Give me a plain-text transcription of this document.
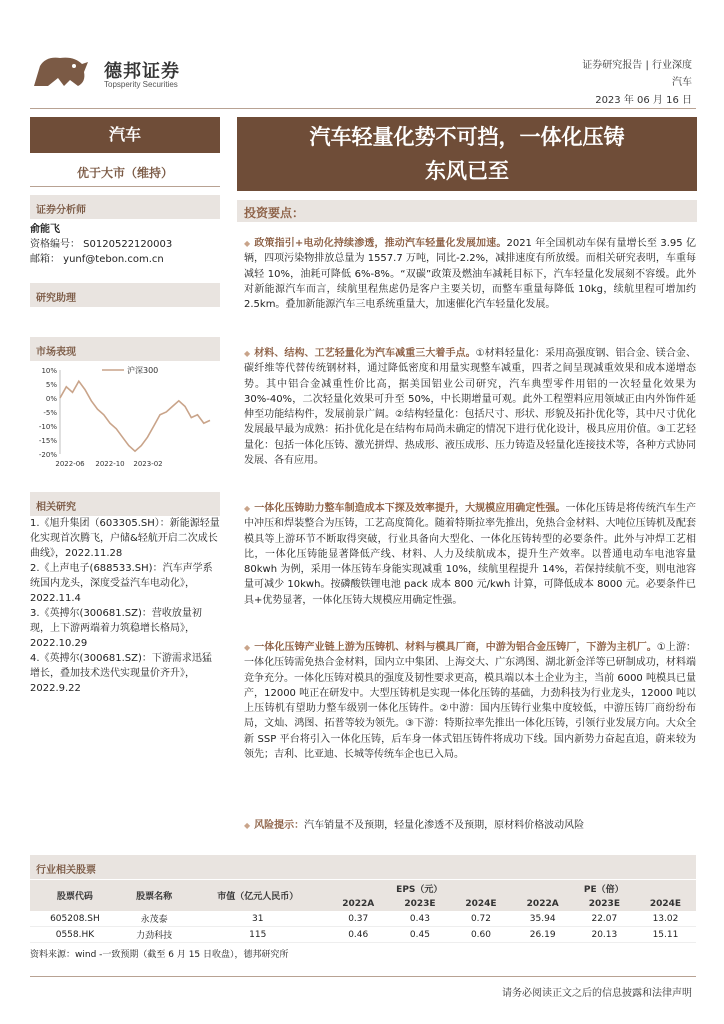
德邦证券
Topsperity Securities
证券研究报告 | 行业深度
汽车
2023 年 06 月 16 日
汽车
优于大市（维持）
证券分析师
俞能飞
资格编号： S0120522120003
邮箱： yunf@tebon.com.cn
研究助理
市场表现
10%
5%
0%
-5%
-10%
-15%
-20%
2022-06 2022-10 2023-02
沪深300
相关研究
1.《旭升集团（603305.SH）：新能源轻量化实现首次腾飞，户储&轻航开启二次成长曲线》，2022.11.28
2.《上声电子(688533.SH)：汽车声学系统国内龙头，深度受益汽车电动化》，2022.11.4
3.《英搏尔(300681.SZ)：营收放量初现，上下游两端着力筑稳增长格局》，2022.10.29
4.《英搏尔(300681.SZ)：下游需求迅猛增长，叠加技术迭代实现量价齐升》，2022.9.22
汽车轻量化势不可挡，一体化压铸
东风已至
投资要点：
◆ 政策指引+电动化持续渗透，推动汽车轻量化发展加速。2021 年全国机动车保有量增长至 3.95 亿辆，四项污染物排放总量为 1557.7 万吨，同比-2.2%，减排速度有所放缓。而相关研究表明，车重每减轻 10%，油耗可降低 6%-8%。“双碳”政策及燃油车减耗目标下，汽车轻量化发展刻不容缓。此外对新能源汽车而言，续航里程焦虑仍是客户主要关切，而整车重量每降低 10kg，续航里程可增加约 2.5km。叠加新能源汽车三电系统重量大，加速催化汽车轻量化发展。
◆ 材料、结构、工艺轻量化为汽车减重三大着手点。①材料轻量化：采用高强度钢、铝合金、镁合金、碳纤维等代替传统钢材料，通过降低密度和用量实现整车减重，四者之间呈现减重效果和成本递增态势。其中铝合金减重性价比高，据美国铝业公司研究，汽车典型零件用铝的一次轻量化效果为 30%-40%，二次轻量化效果可升至 50%，中长期增量可观。此外工程塑料应用领域正由内外饰件延伸至功能结构件，发展前景广阔。②结构轻量化：包括尺寸、形状、形貌及拓扑优化等，其中尺寸优化发展最早最为成熟：拓扑优化是在结构布局尚未确定的情况下进行优化设计，极具应用价值。③工艺轻量化：包括一体化压铸、激光拼焊、热成形、液压成形、压力铸造及轻量化连接技术等，各种方式协同发展、各有应用。
◆ 一体化压铸助力整车制造成本下探及效率提升，大规模应用确定性强。一体化压铸是将传统汽车生产中冲压和焊装整合为压铸，工艺高度简化。随着特斯拉率先推出，免热合金材料、大吨位压铸机及配套模具等上游环节不断取得突破，行业具备向大型化、一体化压铸转型的必要条件。此外与冲焊工艺相比，一体化压铸能显著降低产线、材料、人力及续航成本，提升生产效率。以普通电动车电池容量 80kwh 为例，采用一体压铸车身能实现减重 10%，续航里程提升 14%，若保持续航不变，则电池容量可减少 10kwh。按磷酸铁锂电池 pack 成本 800 元/kwh 计算，可降低成本 8000 元。必要条件已具+优势显著，一体化压铸大规模应用确定性强。
◆ 一体化压铸产业链上游为压铸机、材料与模具厂商，中游为铝合金压铸厂，下游为主机厂。①上游：一体化压铸需免热合金材料，国内立中集团、上海交大、广东鸿图、湖北新金洋等已研制成功，材料端竞争充分。一体化压铸对模具的强度及韧性要求更高，模具端以本土企业为主，当前 6000 吨模具已量产，12000 吨正在研发中。大型压铸机是实现一体化压铸的基础，力劲科技为行业龙头，12000 吨以上压铸机有望助力整车级别一体化压铸件。②中游：国内压铸行业集中度较低，中游压铸厂商纷纷布局，文灿、鸿图、拓普等较为领先。③下游：特斯拉率先推出一体化压铸，引领行业发展方向。大众全新 SSP 平台将引入一体化压铸，后车身一体式铝压铸件将成功下线。国内新势力奋起直追，蔚来较为领先；吉利、比亚迪、长城等传统车企也已入局。
◆ 风险提示：汽车销量不及预期，轻量化渗透不及预期，原材料价格波动风险
行业相关股票
股票代码	股票名称	市值（亿元人民币）	EPS（元）			PE（倍）		
			2022A	2023E	2024E	2022A	2023E	2024E
605208.SH	永茂泰	31	0.37	0.43	0.72	35.94	22.07	13.02
0558.HK	力劲科技	115	0.46	0.45	0.60	26.19	20.13	15.11
资料来源：wind -一致预期（截至 6 月 15 日收盘），德邦研究所
请务必阅读正文之后的信息披露和法律声明
